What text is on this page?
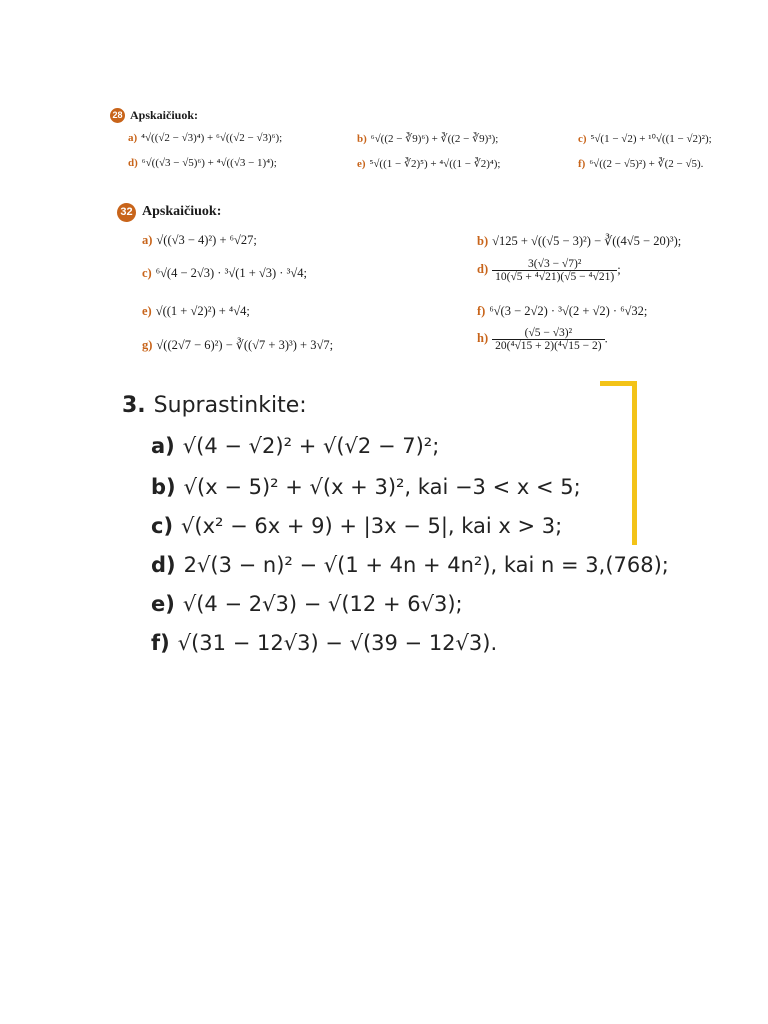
28 Apskaičiuok:
a) ⁴√((√2 − √3)⁴) + ⁶√((√2 − √3)⁶);	b) ⁶√((2 − ∛9)⁶) + ∛((2 − ∛9)³);	c) ⁵√(1 − √2) + ¹⁰√((1 − √2)²);
d) ⁶√((√3 − √5)⁶) + ⁴√((√3 − 1)⁴);	e) ⁵√((1 − ∛2)⁵) + ⁴√((1 − ∛2)⁴);	f) ⁶√((2 − √5)²) + ∛(2 − √5).
32 Apskaičiuok:
a) √((√3 − 4)²) + ⁶√27;	b) √125 + √((√5 − 3)²) − ∛((4√5 − 20)³);
c) ⁶√(4 − 2√3) · ³√(1 + √3) · ³√4;	$d) \frac{\text{3(√3 − √7)²}}{\text{10(√5 + ⁴√21)(√5 − ⁴√21)}}$ ;
e) √((1 + √2)²) + ⁴√4;	f) ⁶√(3 − 2√2) · ³√(2 + √2) · ⁶√32;
g) √((2√7 − 6)²) − ∛((√7 + 3)³) + 3√7;	$h) \frac{\text{(√5 − √3)²}}{\text{20(⁴√15 + 2)(⁴√15 − 2)}}$ .
3. Suprastinkite:
a) √(4 − √2)² + √(√2 − 7)²;
b) √(x − 5)² + √(x + 3)², kai −3 < x < 5;
c) √(x² − 6x + 9) + |3x − 5|, kai x > 3;
d) 2√(3 − n)² − √(1 + 4n + 4n²), kai n = 3,(768);
e) √(4 − 2√3) − √(12 + 6√3);
f) √(31 − 12√3) − √(39 − 12√3).
